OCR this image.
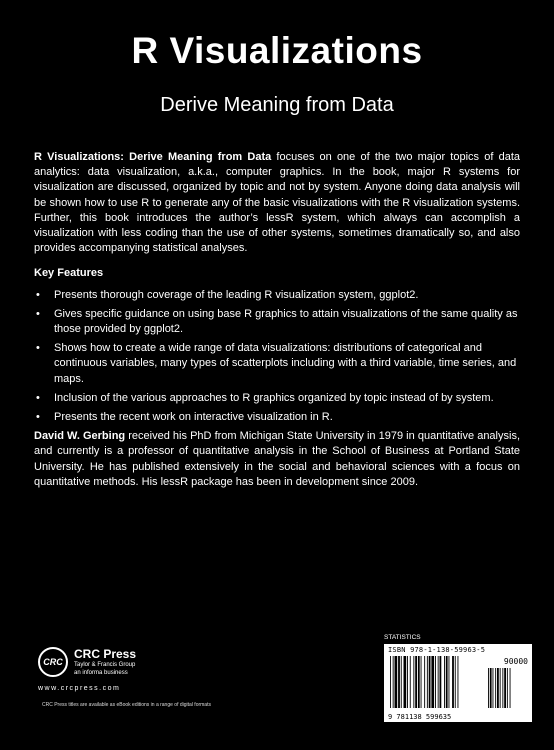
R Visualizations
Derive Meaning from Data

R Visualizations: Derive Meaning from Data focuses on one of the two major topics of data analytics: data visualization, a.k.a., computer graphics. In the book, major R systems for visualization are discussed, organized by topic and not by system. Anyone doing data analysis will be shown how to use R to generate any of the basic visualizations with the R visualization systems. Further, this book introduces the author’s lessR system, which always can accomplish a visualization with less coding than the use of other systems, sometimes dramatically so, and also provides accompanying statistical analyses.

Key Features
• Presents thorough coverage of the leading R visualization system, ggplot2.
• Gives specific guidance on using base R graphics to attain visualizations of the same quality as those provided by ggplot2.
• Shows how to create a wide range of data visualizations: distributions of categorical and continuous variables, many types of scatterplots including with a third variable, time series, and maps.
• Inclusion of the various approaches to R graphics organized by topic instead of by system.
• Presents the recent work on interactive visualization in R.

David W. Gerbing received his PhD from Michigan State University in 1979 in quantitative analysis, and currently is a professor of quantitative analysis in the School of Business at Portland State University. He has published extensively in the social and behavioral sciences with a focus on quantitative methods. His lessR package has been in development since 2009.

CRC
CRC Press
Taylor & Francis Group
an informa business
www.crcpress.com
CRC Press titles are available as eBook editions in a range of digital formats
STATISTICS
ISBN 978-1-138-59963-5
90000
9 781138 599635
